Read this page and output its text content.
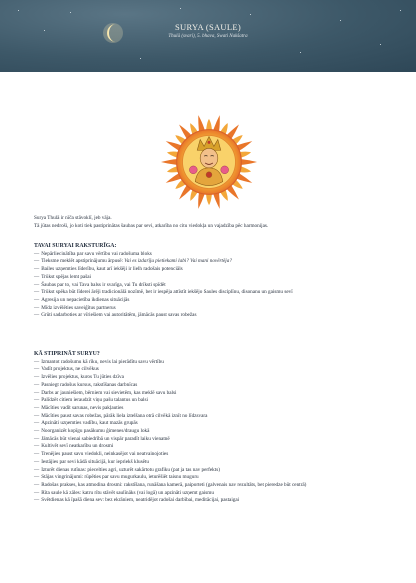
SURYA (SAULE)
Thulā (svari), 5. bhava, Swati Nakšatra

Surya Thulā ir nīča stāvoklī, jeb vāja.

Tā jūtas nedroši, jo koti tiek pastiprinātas šaubas par sevi, atkarība no citu viedokļa un vajadzība pēc harmonijas.

TAVAI SURYAI RAKSTURĪGA:

— Nepārliecinātība par savu vērtību vai radošuma bloks
— Tieksme meklēt apstiprinājumu ārpusē: Vai es izdarīju pietiekami labi? Vai mani novērtēja?
— Bailes uzņemties līderību, kaut arī iekšēji ir lielh radošais potenciāls
— Trūkst spējas lemt pašai
— Šaubas par to, vai Tava balss ir svarīga, vai Tu drīksti spīdēt
— Trūkst spēka būt līderei ārēji tradicionālā nozīmē, bet ir iespēja attīstīt iekšējo Saules disciplīnu, disonanu un gaismu sevī
— Agresija un nepacietība ikdienas situācijās
— Mīdz izvēlēties saveiģītus partnerus
— Grūti sadarboties ar vīriešiem vai autoritātēm, jāmācās paust savas robežas

KĀ STIPRINĀT SURYU?

— Izmantot radošumu kā rīku, nevis lai pierādītu savu vērtību
— Vadīt projektus, ne cilvēkus
— Izvēlies projektus, kuros Tu jūties dzīva
— Pasniegt radošus kursus, rakstīšanas darbnīcas
— Darbs ar jauniešiem, bērniem vai sievietēm, kas meklē savu balsi
— Palīdzēt citiem ieraudzīt viņu pašu talantus un balsi
— Mācīties vadīt sarunas, nevis pakļauties
— Mācīties paust savas robežas, pārāk liela iztelšana otrā cilvēkā iznīt no līdzsvara
— Apzināti uzņemties vadību, kaut mazās grupās
— Noorganizēt kopīgu pasākumu ģimenes/draugu lokā
— Jāmācās būt vienai sabiedrībā un vispār paradīt laiku vienatnē
— Kultivēt sevī neatkarību un drosmi
— Trenējies paust savu viedokli, neinkasējot vai neatvainojoties
— Iestājies par sevi kādā situācijā, kur iepriekš klusētu
— Izturēt dienas rutīnas: piecelties agri, uzturēt sakārtotu grafiku (pat ja tas nav perfekts)
— Stājas vingrinājumi: rūpēties par savu mugurkaulu, ieturēšiēt taisnu muguru
— Radošas prakses, kas atmodina drosmi: rakstīšana, runāšana kamerā, paiporteti (galvenais nav rezultāts, bet pieredze būt centrā)
— Rīta saule kā zāles: katru rītu stāvēt saulīnāks (vai logā) un apzināti uzņemt gaismu
— Svētdienas kā īpašā diena sev: bez ekrāniem, neatridējot radošai darbībai, meditācijai, pastaigai
